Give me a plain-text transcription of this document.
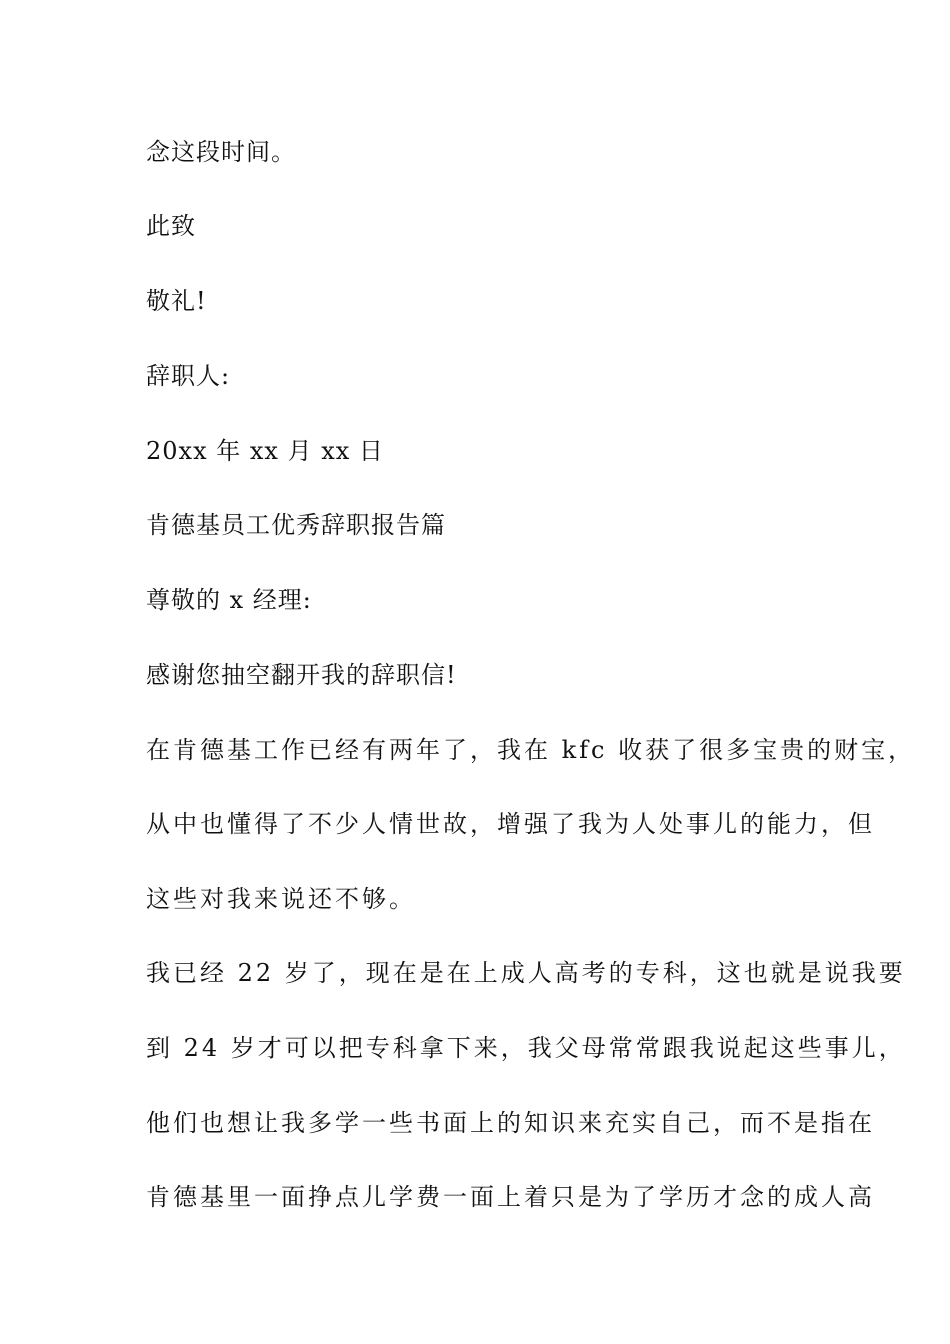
念这段时间。
此致
敬礼!
辞职人:
20xx 年 xx 月 xx 日
肯德基员工优秀辞职报告篇
尊敬的 x 经理:
感谢您抽空翻开我的辞职信!
在肯德基工作已经有两年了，我在 kfc 收获了很多宝贵的财宝，
从中也懂得了不少人情世故，增强了我为人处事儿的能力，但
这些对我来说还不够。
我已经 22 岁了，现在是在上成人高考的专科，这也就是说我要
到 24 岁才可以把专科拿下来，我父母常常跟我说起这些事儿，
他们也想让我多学一些书面上的知识来充实自己，而不是指在
肯德基里一面挣点儿学费一面上着只是为了学历才念的成人高
